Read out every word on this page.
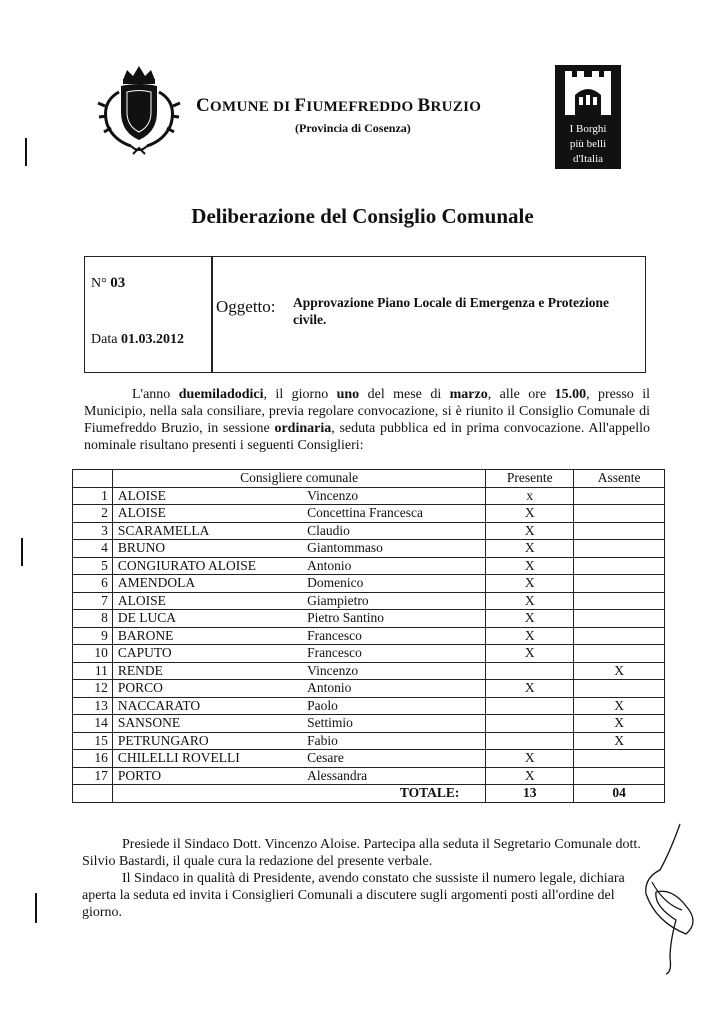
COMUNE DI FIUMEFREDDO BRUZIO
(Provincia di Cosenza)	I Borghi
più belli
d'Italia
Deliberazione del Consiglio Comunale
N° 03
Data 01.03.2012
Oggetto: Approvazione Piano Locale di Emergenza e Protezione civile.

L'anno duemiladodici, il giorno uno del mese di marzo, alle ore 15.00, presso il Municipio, nella sala consiliare, previa regolare convocazione, si è riunito il Consiglio Comunale di Fiumefreddo Bruzio, in sessione ordinaria, seduta pubblica ed in prima convocazione. All'appello nominale risultano presenti i seguenti Consiglieri:

	Consigliere comunale		Presente	Assente
1	ALOISE	Vincenzo	x	
2	ALOISE	Concettina Francesca	X	
3	SCARAMELLA	Claudio	X	
4	BRUNO	Giantommaso	X	
5	CONGIURATO ALOISE	Antonio	X	
6	AMENDOLA	Domenico	X	
7	ALOISE	Giampietro	X	
8	DE LUCA	Pietro Santino	X	
9	BARONE	Francesco	X	
10	CAPUTO	Francesco	X	
11	RENDE	Vincenzo		X
12	PORCO	Antonio	X	
13	NACCARATO	Paolo		X
14	SANSONE	Settimio		X
15	PETRUNGARO	Fabio		X
16	CHILELLI ROVELLI	Cesare	X	
17	PORTO	Alessandra	X	
	TOTALE:		13	04

Presiede il Sindaco Dott. Vincenzo Aloise. Partecipa alla seduta il Segretario Comunale dott. Silvio Bastardi, il quale cura la redazione del presente verbale.

Il Sindaco in qualità di Presidente, avendo constato che sussiste il numero legale, dichiara aperta la seduta ed invita i Consiglieri Comunali a discutere sugli argomenti posti all'ordine del giorno.
